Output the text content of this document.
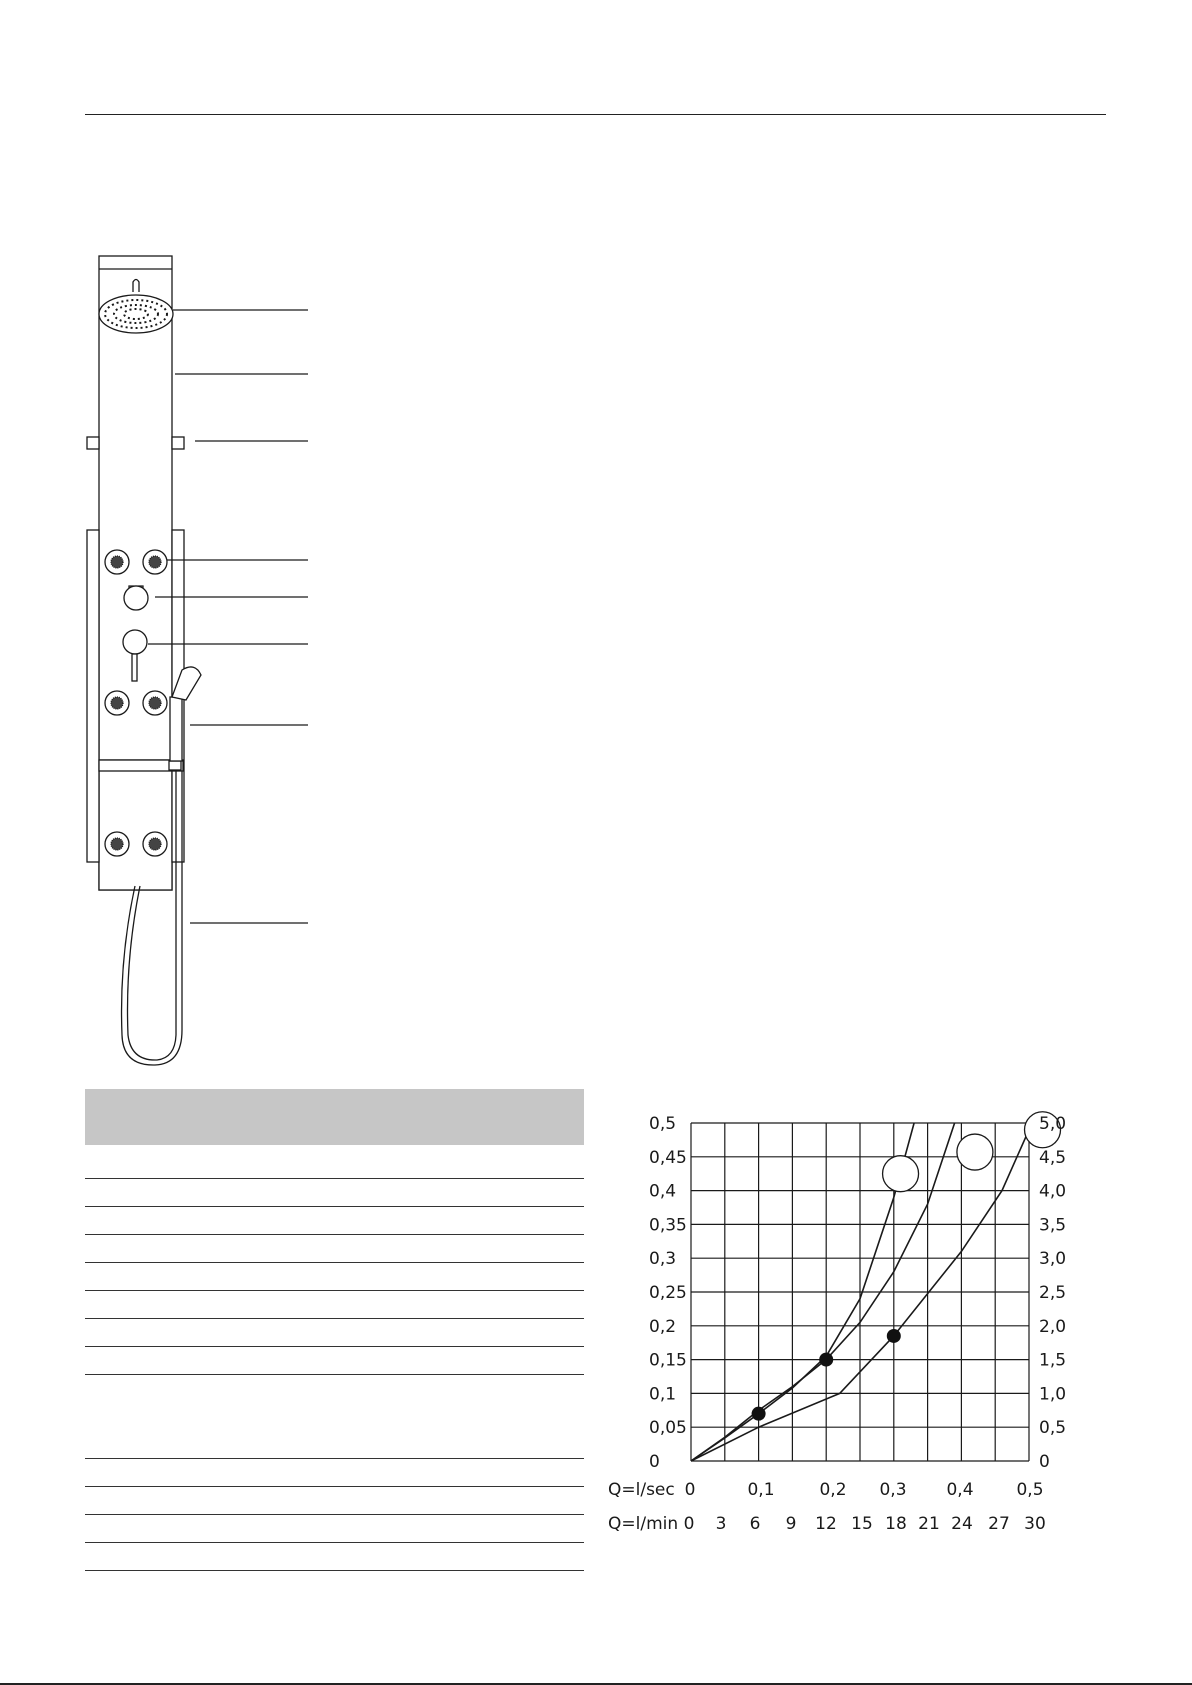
0
0,05
0,1
0,15
0,2
0,25
0,3
0,35
0,4
0,45
0,5
0
0,5
1,0
1,5
2,0
2,5
3,0
3,5
4,0
4,5
5,0
Q=l/sec 0	0,1	0,2 0,3 0,4	0,5
Q=l/min 0 3 6 9 12 15 18 21 24 27 30
